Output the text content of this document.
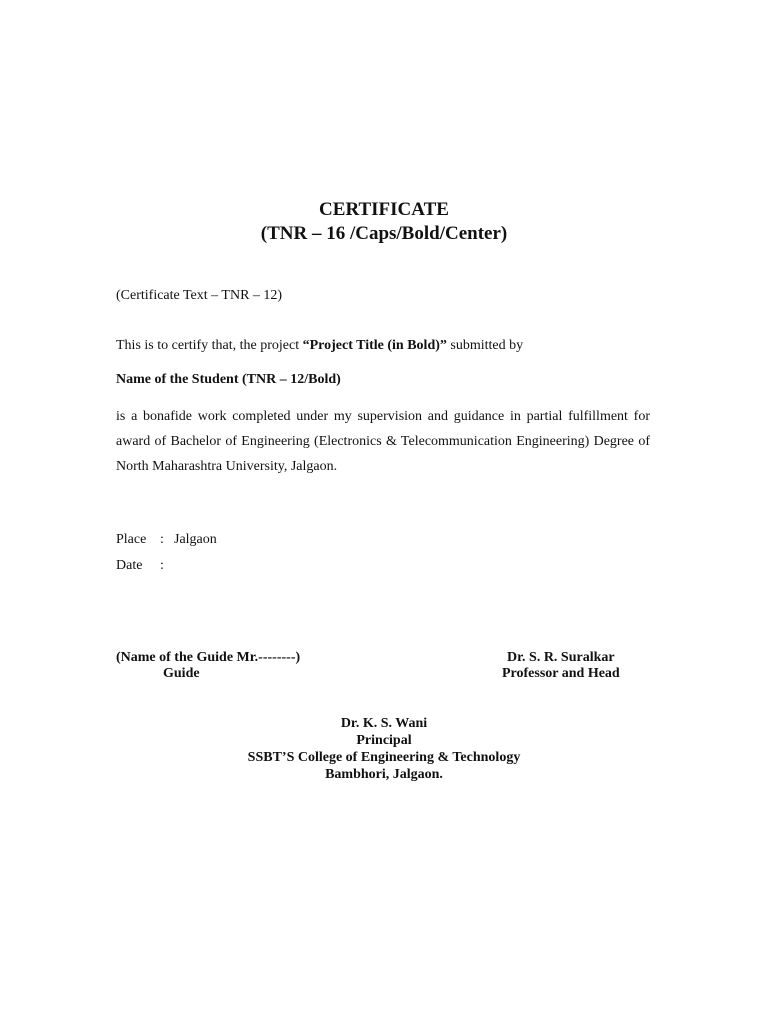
CERTIFICATE
(TNR – 16 /Caps/Bold/Center)
(Certificate Text – TNR – 12)
This is to certify that, the project “Project Title (in Bold)” submitted by
Name of the Student (TNR – 12/Bold)
is a bonafide work completed under my supervision and guidance in partial fulfillment for award of Bachelor of Engineering (Electronics & Telecommunication Engineering) Degree of North Maharashtra University, Jalgaon.
Place : Jalgaon
Date :
(Name of the Guide Mr.--------)
Guide
Dr. S. R. Suralkar
Professor and Head
Dr. K. S. Wani
Principal
SSBT’S College of Engineering & Technology
Bambhori, Jalgaon.
